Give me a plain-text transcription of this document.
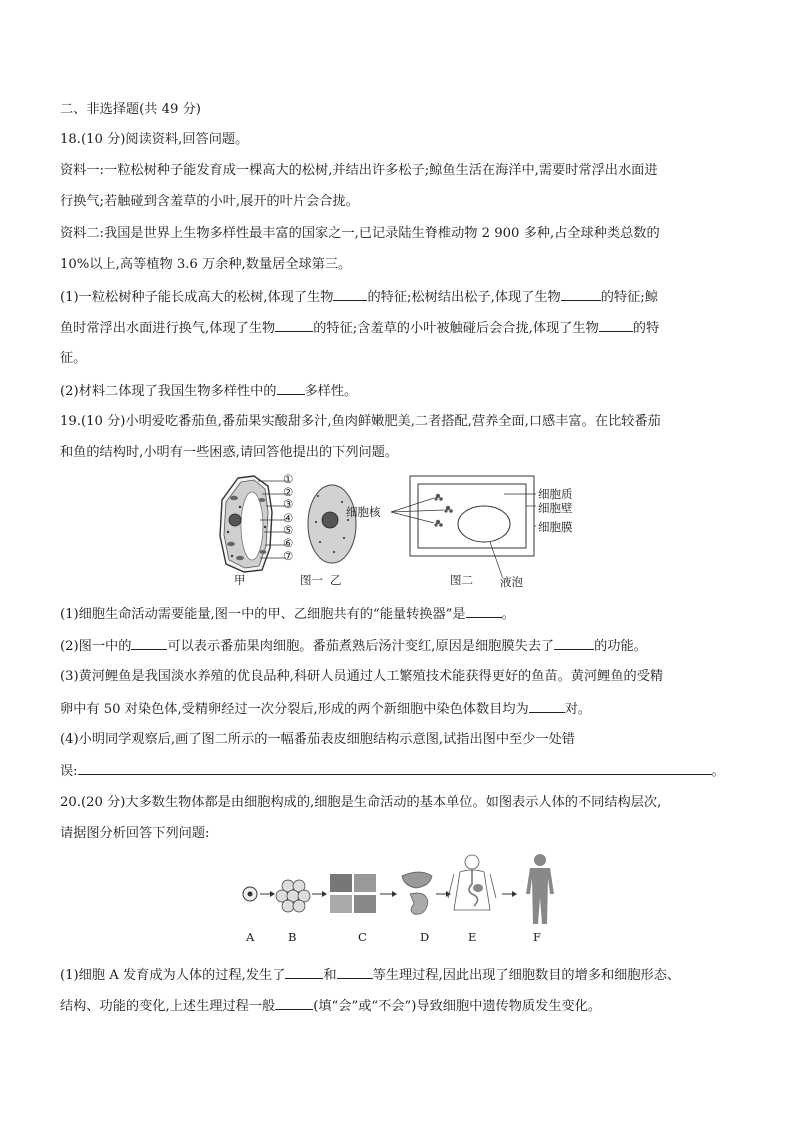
二、非选择题(共 49 分)
18.(10 分)阅读资料,回答问题。
资料一:一粒松树种子能发育成一棵高大的松树,并结出许多松子;鲸鱼生活在海洋中,需要时常浮出水面进
行换气;若触碰到含羞草的小叶,展开的叶片会合拢。
资料二:我国是世界上生物多样性最丰富的国家之一,已记录陆生脊椎动物 2 900 多种,占全球种类总数的
10%以上,高等植物 3.6 万余种,数量居全球第三。
(1)一粒松树种子能长成高大的松树,体现了生物	的特征;松树结出松子,体现了生物	的特征;鲸
鱼时常浮出水面进行换气,体现了生物	的特征;含羞草的小叶被触碰后会合拢,体现了生物	的特
征。
(2)材料二体现了我国生物多样性中的 多样性。
19.(10 分)小明爱吃番茄鱼,番茄果实酸甜多汁,鱼肉鲜嫩肥美,二者搭配,营养全面,口感丰富。在比较番茄
和鱼的结构时,小明有一些困惑,请回答他提出的下列问题。
①
②
③
④
⑤
⑥
⑦
甲	图一 乙
细胞核
细胞质
细胞壁
细胞膜
图二 液泡
(1)细胞生命活动需要能量,图一中的甲、乙细胞共有的“能量转换器”是	。
(2)图一中的	可以表示番茄果肉细胞。番茄煮熟后汤汁变红,原因是细胞膜失去了	的功能。
(3)黄河鲤鱼是我国淡水养殖的优良品种,科研人员通过人工繁殖技术能获得更好的鱼苗。黄河鲤鱼的受精
卵中有 50 对染色体,受精卵经过一次分裂后,形成的两个新细胞中染色体数目均为	对。
(4)小明同学观察后,画了图二所示的一幅番茄表皮细胞结构示意图,试指出图中至少一处错
误:	。
20.(20 分)大多数生物体都是由细胞构成的,细胞是生命活动的基本单位。如图表示人体的不同结构层次,
请据图分析回答下列问题:
A	B	C	D	E	F
(1)细胞 A 发育成为人体的过程,发生了	和	等生理过程,因此出现了细胞数目的增多和细胞形态、
结构、功能的变化,上述生理过程一般	(填“会”或“不会”)导致细胞中遗传物质发生变化。
